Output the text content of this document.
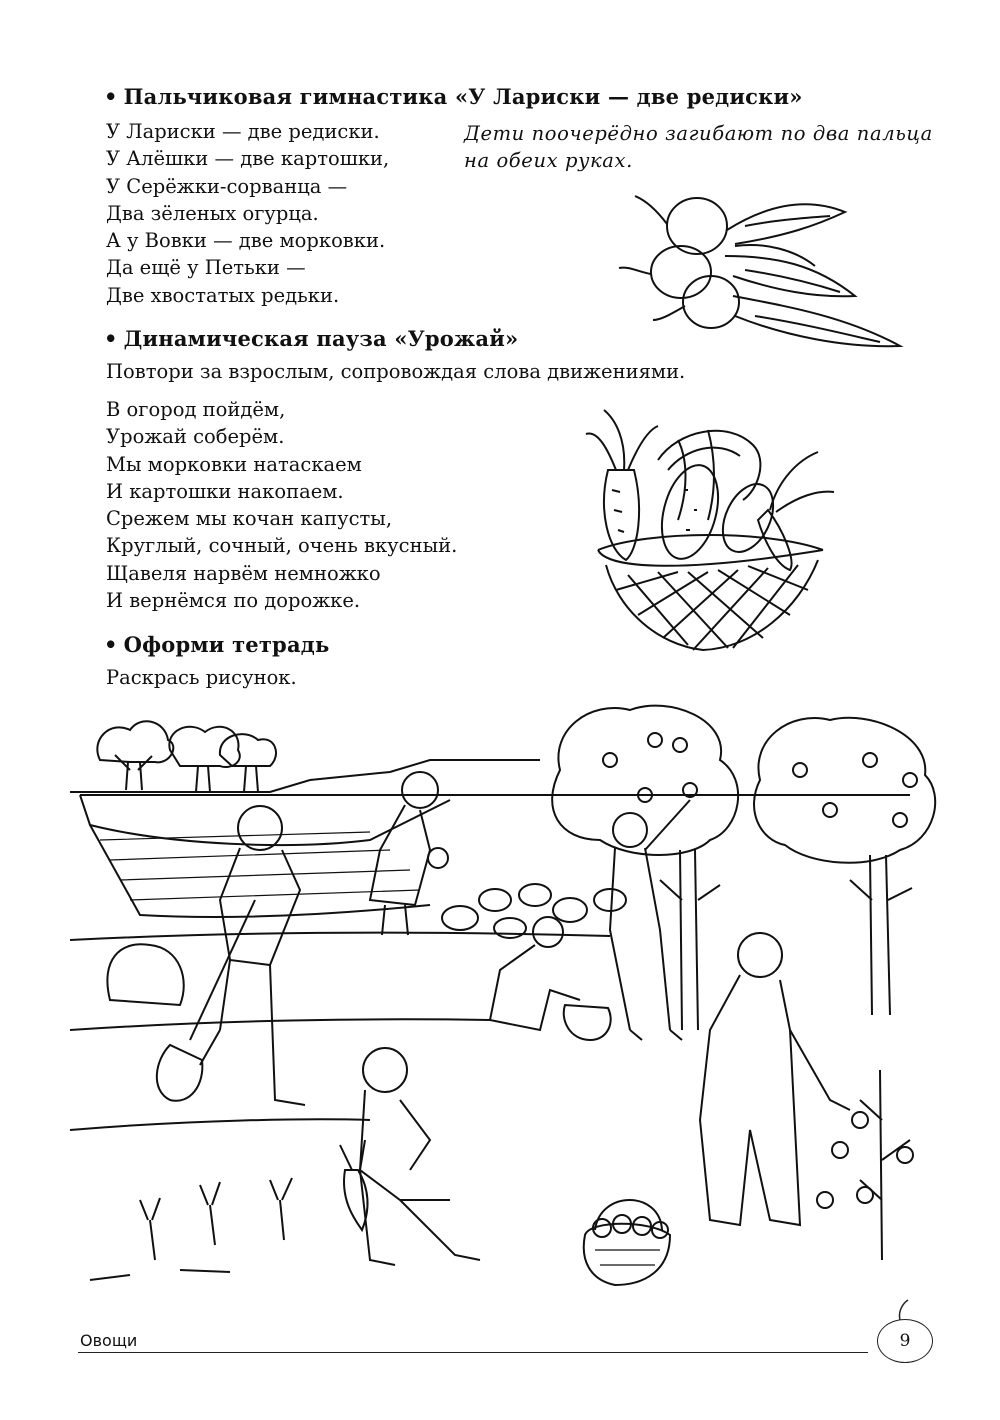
• Пальчиковая гимнастика «У Лариски — две редиски»
У Лариски — две редиски.
У Алёшки — две картошки,
У Серёжки-сорванца —
Два зёленых огурца.
А у Вовки — две морковки.
Да ещё у Петьки —
Две хвостатых редьки.
Дети поочерёдно загибают по два пальца на обеих руках.
• Динамическая пауза «Урожай»
Повтори за взрослым, сопровождая слова движениями.
В огород пойдём,
Урожай соберём.
Мы морковки натаскаем
И картошки накопаем.
Срежем мы кочан капусты,
Круглый, сочный, очень вкусный.
Щавеля нарвём немножко
И вернёмся по дорожке.
• Оформи тетрадь
Раскрась рисунок.
Овощи	9
